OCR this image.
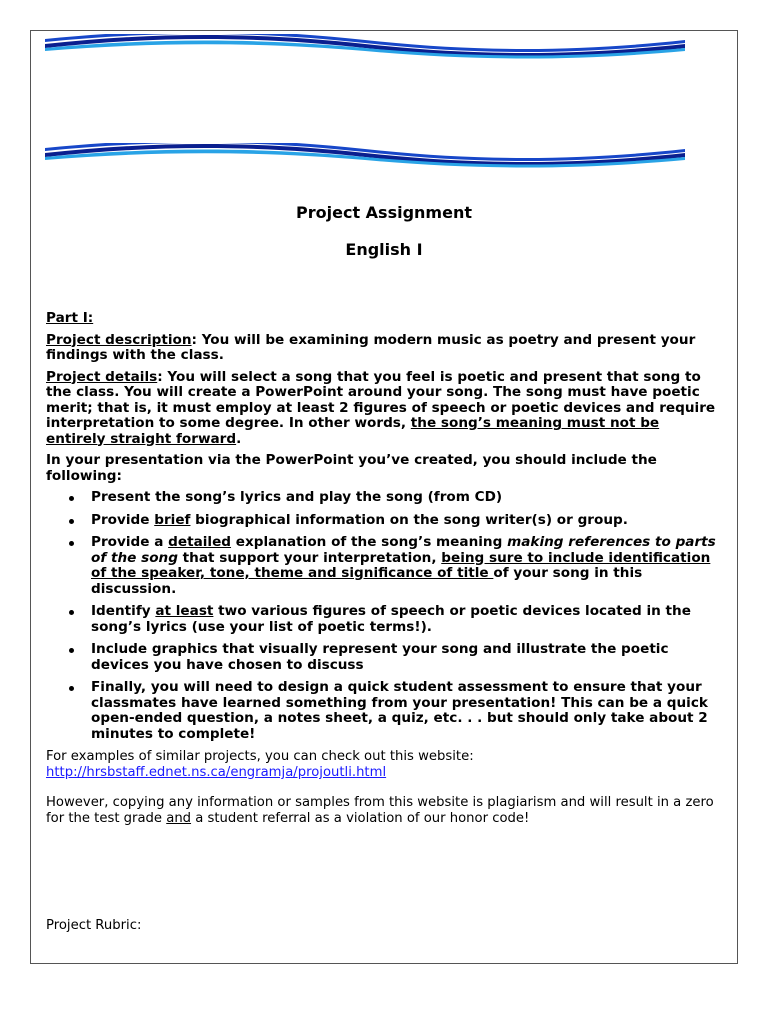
Project Assignment
English I
Part I:
Project description: You will be examining modern music as poetry and present your findings with the class.
Project details: You will select a song that you feel is poetic and present that song to the class. You will create a PowerPoint around your song. The song must have poetic merit; that is, it must employ at least 2 figures of speech or poetic devices and require interpretation to some degree. In other words, the song’s meaning must not be entirely straight forward.
In your presentation via the PowerPoint you’ve created, you should include the following:
Present the song’s lyrics and play the song (from CD)
Provide brief biographical information on the song writer(s) or group.
Provide a detailed explanation of the song’s meaning making references to parts of the song that support your interpretation, being sure to include identification of the speaker, tone, theme and significance of title of your song in this discussion.
Identify at least two various figures of speech or poetic devices located in the song’s lyrics (use your list of poetic terms!).
Include graphics that visually represent your song and illustrate the poetic devices you have chosen to discuss
Finally, you will need to design a quick student assessment to ensure that your classmates have learned something from your presentation! This can be a quick open-ended question, a notes sheet, a quiz, etc. . . but should only take about 2 minutes to complete!
For examples of similar projects, you can check out this website:
http://hrsbstaff.ednet.ns.ca/engramja/projoutli.html
However, copying any information or samples from this website is plagiarism and will result in a zero for the test grade and a student referral as a violation of our honor code!
Project Rubric:
